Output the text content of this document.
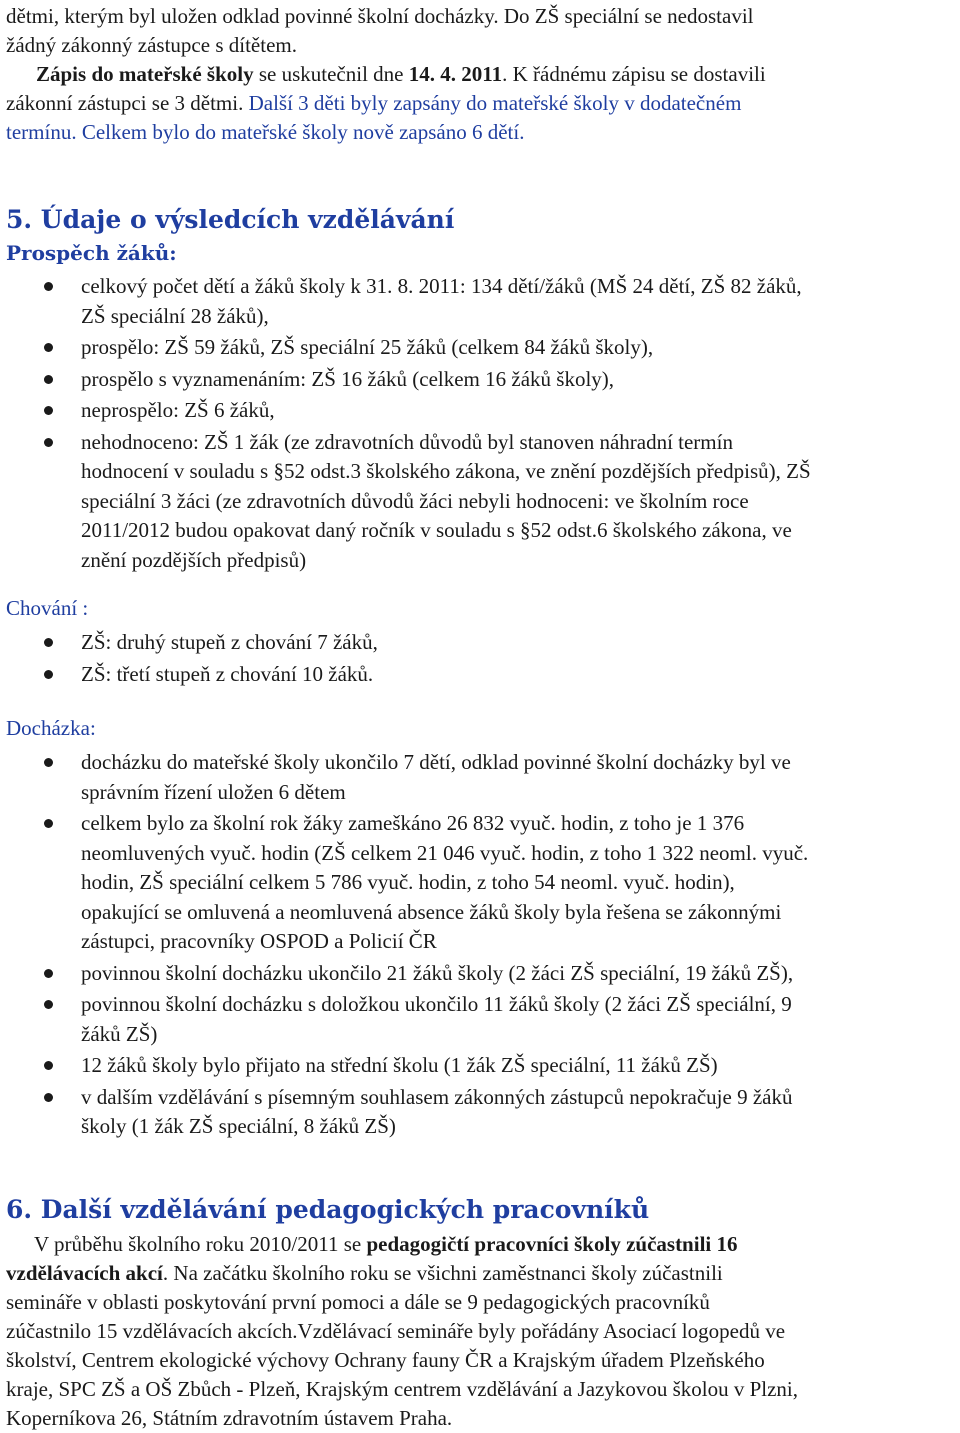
dětmi, kterým byl uložen odklad povinné školní docházky. Do ZŠ speciální se nedostavil
žádný zákonný zástupce s dítětem.
Zápis do mateřské školy se uskutečnil dne 14. 4. 2011. K řádnému zápisu se dostavili
zákonní zástupci se 3 dětmi. Další 3 děti byly zapsány do mateřské školy v dodatečném
termínu. Celkem bylo do mateřské školy nově zapsáno 6 dětí.
5. Údaje o výsledcích vzdělávání
Prospěch žáků:
celkový počet dětí a žáků školy k 31. 8. 2011: 134 dětí/žáků (MŠ 24 dětí, ZŠ 82 žáků,
ZŠ speciální 28 žáků),
prospělo: ZŠ 59 žáků, ZŠ speciální 25 žáků (celkem 84 žáků školy),
prospělo s vyznamenáním: ZŠ 16 žáků (celkem 16 žáků školy),
neprospělo: ZŠ 6 žáků,
nehodnoceno: ZŠ 1 žák (ze zdravotních důvodů byl stanoven náhradní termín
hodnocení v souladu s §52 odst.3 školského zákona, ve znění pozdějších předpisů), ZŠ
speciální 3 žáci (ze zdravotních důvodů žáci nebyli hodnoceni: ve školním roce
2011/2012 budou opakovat daný ročník v souladu s §52 odst.6 školského zákona, ve
znění pozdějších předpisů)
Chování :
ZŠ: druhý stupeň z chování 7 žáků,
ZŠ: třetí stupeň z chování 10 žáků.
Docházka:
docházku do mateřské školy ukončilo 7 dětí, odklad povinné školní docházky byl ve
správním řízení uložen 6 dětem
celkem bylo za školní rok žáky zameškáno 26 832 vyuč. hodin, z toho je 1 376
neomluvených vyuč. hodin (ZŠ celkem 21 046 vyuč. hodin, z toho 1 322 neoml. vyuč.
hodin, ZŠ speciální celkem 5 786 vyuč. hodin, z toho 54 neoml. vyuč. hodin),
opakující se omluvená a neomluvená absence žáků školy byla řešena se zákonnými
zástupci, pracovníky OSPOD a Policií ČR
povinnou školní docházku ukončilo 21 žáků školy (2 žáci ZŠ speciální, 19 žáků ZŠ),
povinnou školní docházku s doložkou ukončilo 11 žáků školy (2 žáci ZŠ speciální, 9
žáků ZŠ)
12 žáků školy bylo přijato na střední školu (1 žák ZŠ speciální, 11 žáků ZŠ)
v dalším vzdělávání s písemným souhlasem zákonných zástupců nepokračuje 9 žáků
školy (1 žák ZŠ speciální, 8 žáků ZŠ)
6. Další vzdělávání pedagogických pracovníků
V průběhu školního roku 2010/2011 se pedagogičtí pracovníci školy zúčastnili 16
vzdělávacích akcí. Na začátku školního roku se všichni zaměstnanci školy zúčastnili
semináře v oblasti poskytování první pomoci a dále se 9 pedagogických pracovníků
zúčastnilo 15 vzdělávacích akcích.Vzdělávací semináře byly pořádány Asociací logopedů ve
školství, Centrem ekologické výchovy Ochrany fauny ČR a Krajským úřadem Plzeňského
kraje, SPC ZŠ a OŠ Zbůch - Plzeň, Krajským centrem vzdělávání a Jazykovou školou v Plzni,
Koperníkova 26, Státním zdravotním ústavem Praha.
